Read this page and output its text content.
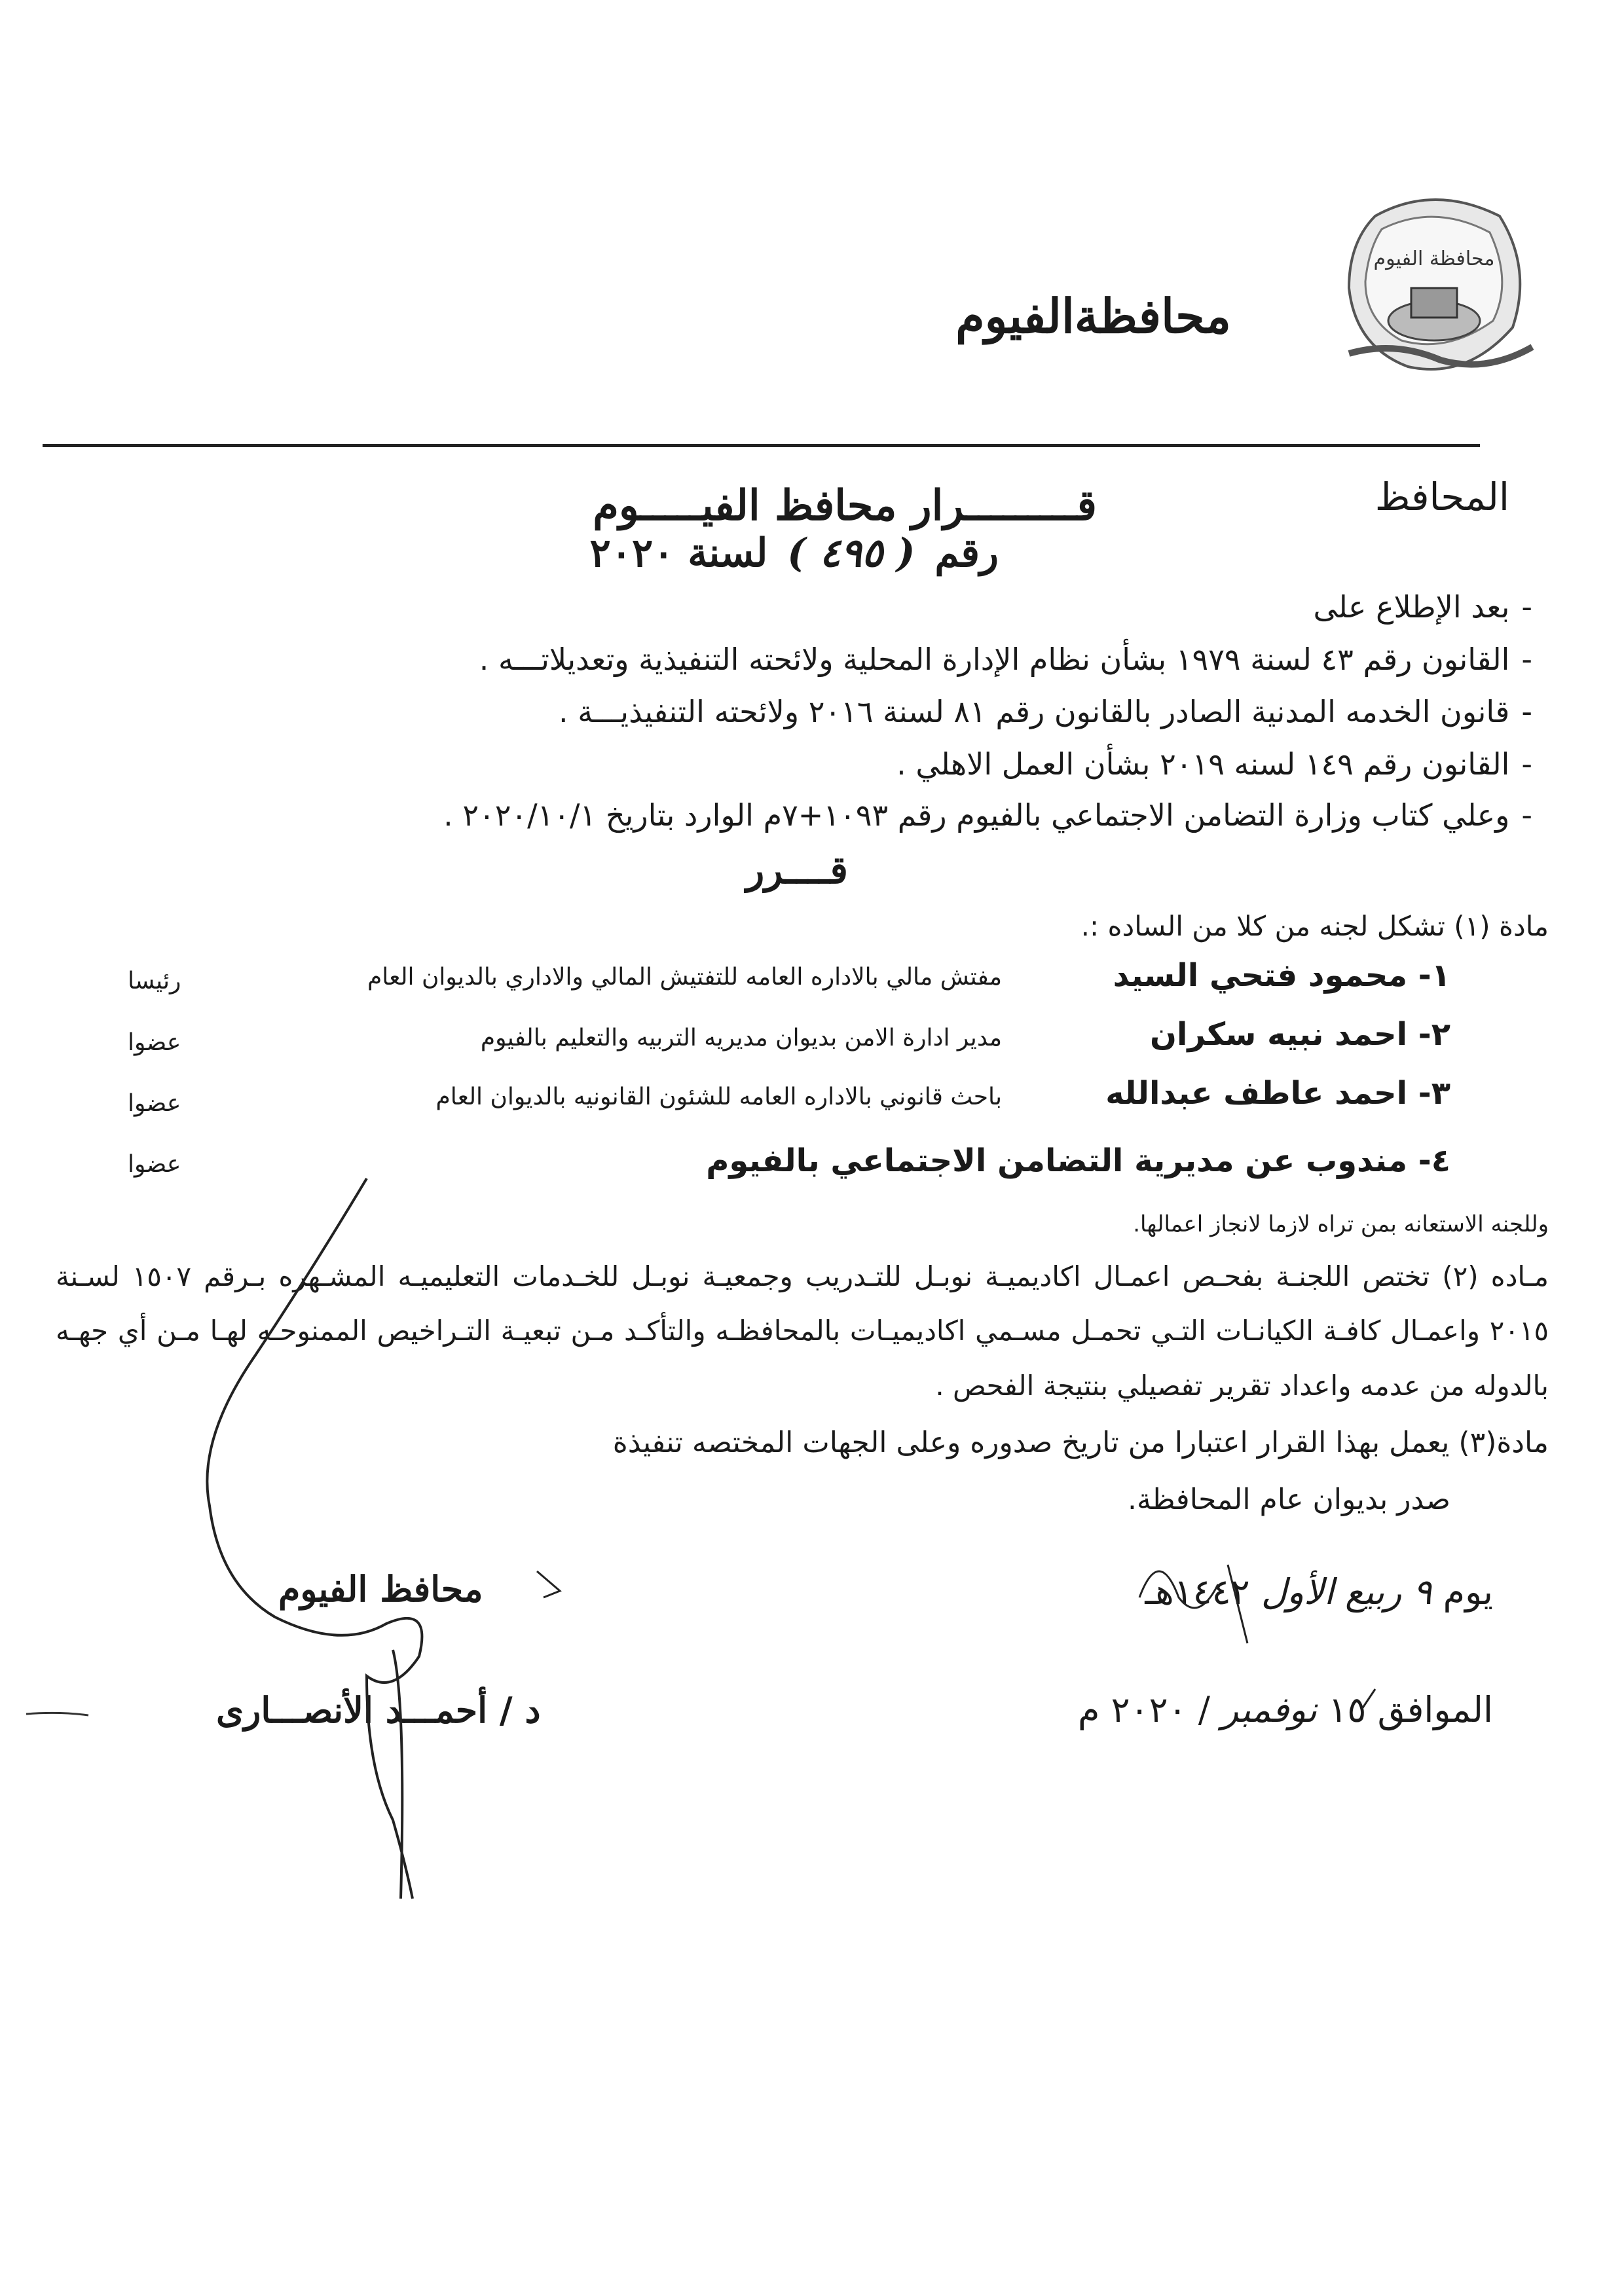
محافظة الفيوم
محافظةالفيوم
المحافظ
قـــــــــرار محافظ الفيـــــوم
رقم ( ٤٩٥ ) لسنة ٢٠٢٠
-بعد الإطلاع على
-القانون رقم ٤٣ لسنة ١٩٧٩ بشأن نظام الإدارة المحلية ولائحته التنفيذية وتعديلاتـــه .
-قانون الخدمه المدنية الصادر بالقانون رقم ٨١ لسنة ٢٠١٦ ولائحته التنفيذيـــة .
-القانون رقم ١٤٩ لسنه ٢٠١٩ بشأن العمل الاهلي .
-وعلي كتاب وزارة التضامن الاجتماعي بالفيوم رقم ١٠٩٣+٧م الوارد بتاريخ ٢٠٢٠/١٠/١ .
قــــرر
مادة (١) تشكل لجنه من كلا من الساده :.
١- محمود فتحي السيد
مفتش مالي بالاداره العامه للتفتيش المالي والاداري بالديوان العام
رئيسا
٢- احمد نبيه سكران
مدير ادارة الامن بديوان مديريه التربيه والتعليم بالفيوم
عضوا
٣- احمد عاطف عبدالله
باحث قانوني بالاداره العامه للشئون القانونيه بالديوان العام
عضوا
٤- مندوب عن مديرية التضامن الاجتماعي بالفيوم
عضوا
وللجنه الاستعانه بمن تراه لازما لانجاز اعمالها.
مـاده (٢) تختص اللجنـة بفحـص اعمـال اكاديميـة نوبـل للتـدريب وجمعيـة نوبـل للخـدمات التعليميـه المشـهره بـرقم ١٥٠٧ لسـنة
٢٠١٥ واعمـال كافـة الكيانـات التـي تحمـل مسـمي اكاديميـات بالمحافظـه والتأكـد مـن تبعيـة التـراخيص الممنوحـه لهـا مـن أي جهـه
بالدوله من عدمه واعداد تقرير تفصيلي بنتيجة الفحص .
مادة(٣) يعمل بهذا القرار اعتبارا من تاريخ صدوره وعلى الجهات المختصه تنفيذة
صدر بديوان عام المحافظة.
يوم ٩ ربيع الأول ١٤٤٢هـ
الموافق ١٥ نوفمبر / ٢٠٢٠ م
محافظ الفيوم
د / أحمـــد الأنصـــارى
